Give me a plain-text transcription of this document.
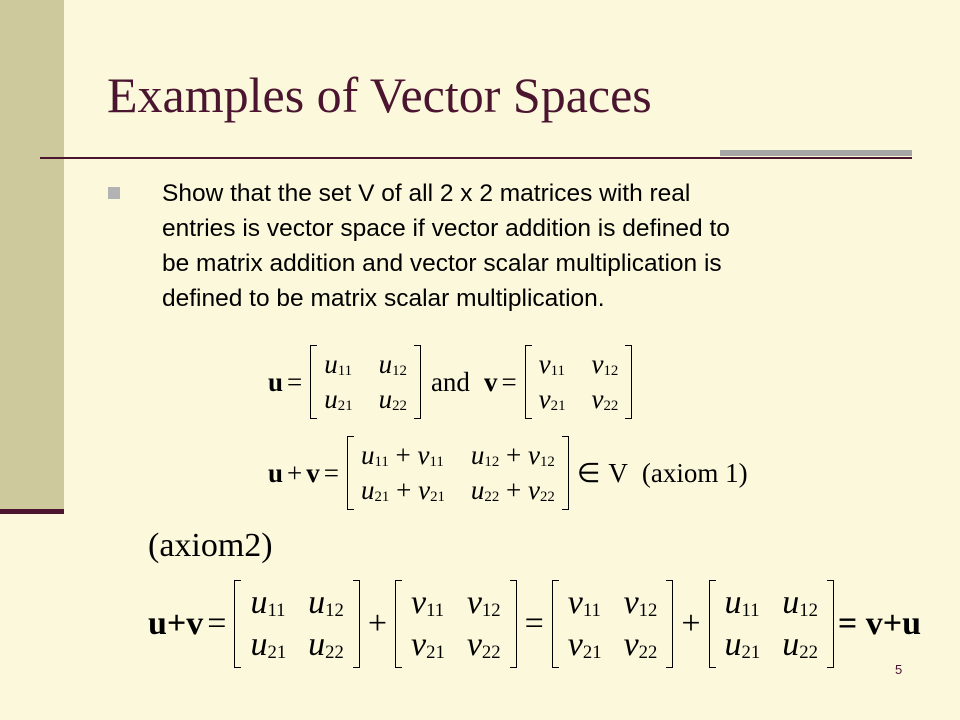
Examples of Vector Spaces
Show that the set V of all 2 x 2 matrices with real
entries is vector space if vector addition is defined to
be matrix addition and vector scalar multiplication is
defined to be matrix scalar multiplication.
u =
$u_{11}$ $u_{12}$
$u_{21}$ $u_{22}$
and v =
$v_{11}$ $v_{12}$
$v_{21}$ $v_{22}$
u + v =
$u_{11} + v_{11}$ $u_{12} + v_{12}$
$u_{21} + v_{21}$ $u_{22} + v_{22}$
∈ V (axiom 1)
(axiom2)
u+v =
$u_{11}$ $u_{12}$
$u_{21}$ $u_{22}$
+
$v_{11}$ $v_{12}$
$v_{21}$ $v_{22}$
=
$v_{11}$ $v_{12}$
$v_{21}$ $v_{22}$
+
$u_{11}$ $u_{12}$
$u_{21}$ $u_{22}$
= v+u
5
